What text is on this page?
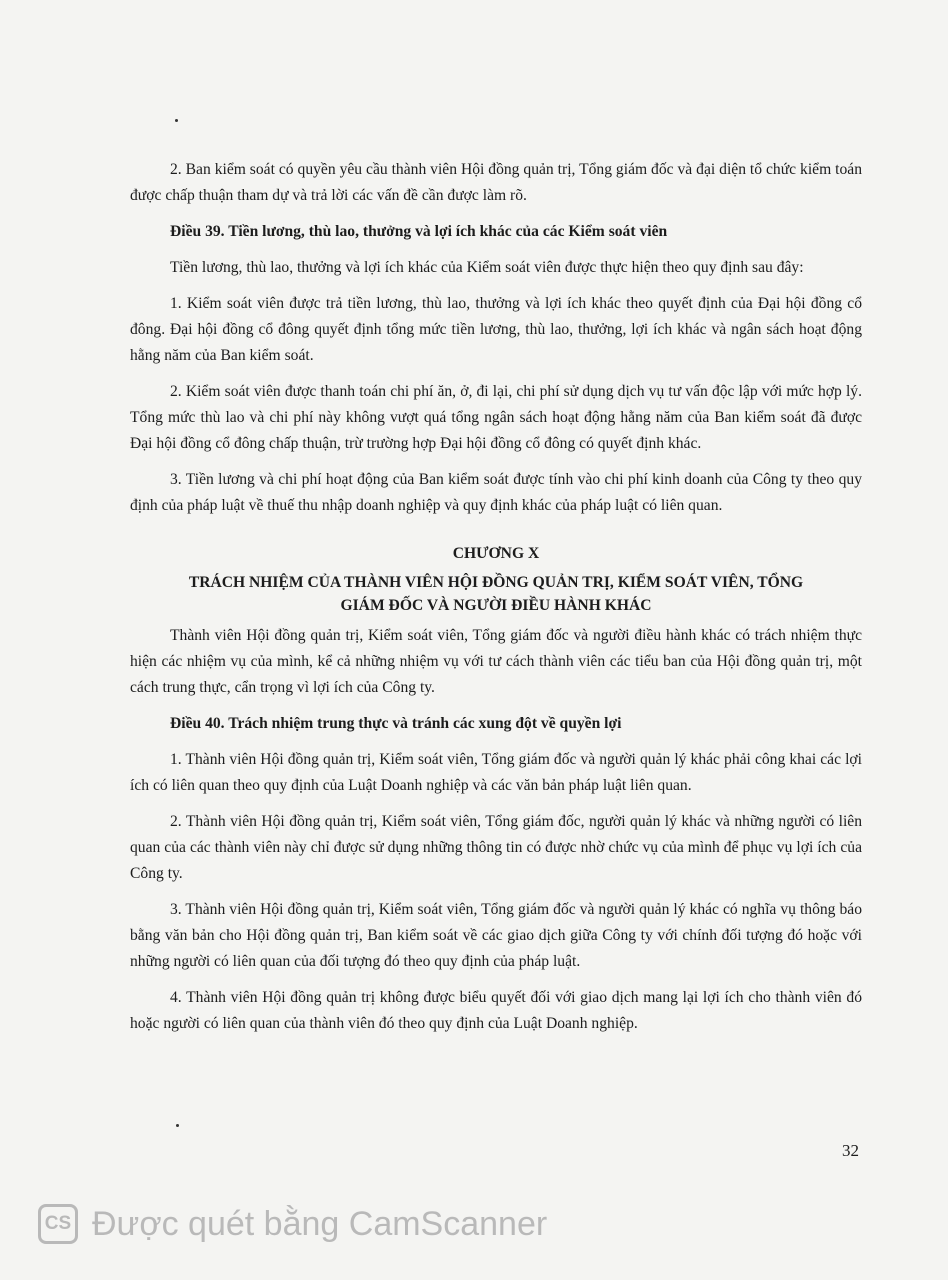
2. Ban kiểm soát có quyền yêu cầu thành viên Hội đồng quản trị, Tổng giám đốc và đại diện tổ chức kiểm toán được chấp thuận tham dự và trả lời các vấn đề cần được làm rõ.

Điều 39. Tiền lương, thù lao, thưởng và lợi ích khác của các Kiểm soát viên

Tiền lương, thù lao, thưởng và lợi ích khác của Kiểm soát viên được thực hiện theo quy định sau đây:

1. Kiểm soát viên được trả tiền lương, thù lao, thưởng và lợi ích khác theo quyết định của Đại hội đồng cổ đông. Đại hội đồng cổ đông quyết định tổng mức tiền lương, thù lao, thưởng, lợi ích khác và ngân sách hoạt động hằng năm của Ban kiểm soát.

2. Kiểm soát viên được thanh toán chi phí ăn, ở, đi lại, chi phí sử dụng dịch vụ tư vấn độc lập với mức hợp lý. Tổng mức thù lao và chi phí này không vượt quá tổng ngân sách hoạt động hằng năm của Ban kiểm soát đã được Đại hội đồng cổ đông chấp thuận, trừ trường hợp Đại hội đồng cổ đông có quyết định khác.

3. Tiền lương và chi phí hoạt động của Ban kiểm soát được tính vào chi phí kinh doanh của Công ty theo quy định của pháp luật về thuế thu nhập doanh nghiệp và quy định khác của pháp luật có liên quan.

CHƯƠNG X
TRÁCH NHIỆM CỦA THÀNH VIÊN HỘI ĐỒNG QUẢN TRỊ, KIỂM SOÁT VIÊN, TỔNG
GIÁM ĐỐC VÀ NGƯỜI ĐIỀU HÀNH KHÁC

Thành viên Hội đồng quản trị, Kiểm soát viên, Tổng giám đốc và người điều hành khác có trách nhiệm thực hiện các nhiệm vụ của mình, kể cả những nhiệm vụ với tư cách thành viên các tiểu ban của Hội đồng quản trị, một cách trung thực, cẩn trọng vì lợi ích của Công ty.

Điều 40. Trách nhiệm trung thực và tránh các xung đột về quyền lợi

1. Thành viên Hội đồng quản trị, Kiểm soát viên, Tổng giám đốc và người quản lý khác phải công khai các lợi ích có liên quan theo quy định của Luật Doanh nghiệp và các văn bản pháp luật liên quan.

2. Thành viên Hội đồng quản trị, Kiểm soát viên, Tổng giám đốc, người quản lý khác và những người có liên quan của các thành viên này chỉ được sử dụng những thông tin có được nhờ chức vụ của mình để phục vụ lợi ích của Công ty.

3. Thành viên Hội đồng quản trị, Kiểm soát viên, Tổng giám đốc và người quản lý khác có nghĩa vụ thông báo bằng văn bản cho Hội đồng quản trị, Ban kiểm soát về các giao dịch giữa Công ty với chính đối tượng đó hoặc với những người có liên quan của đối tượng đó theo quy định của pháp luật.

4. Thành viên Hội đồng quản trị không được biểu quyết đối với giao dịch mang lại lợi ích cho thành viên đó hoặc người có liên quan của thành viên đó theo quy định của Luật Doanh nghiệp.

32
CS Được quét bằng CamScanner
